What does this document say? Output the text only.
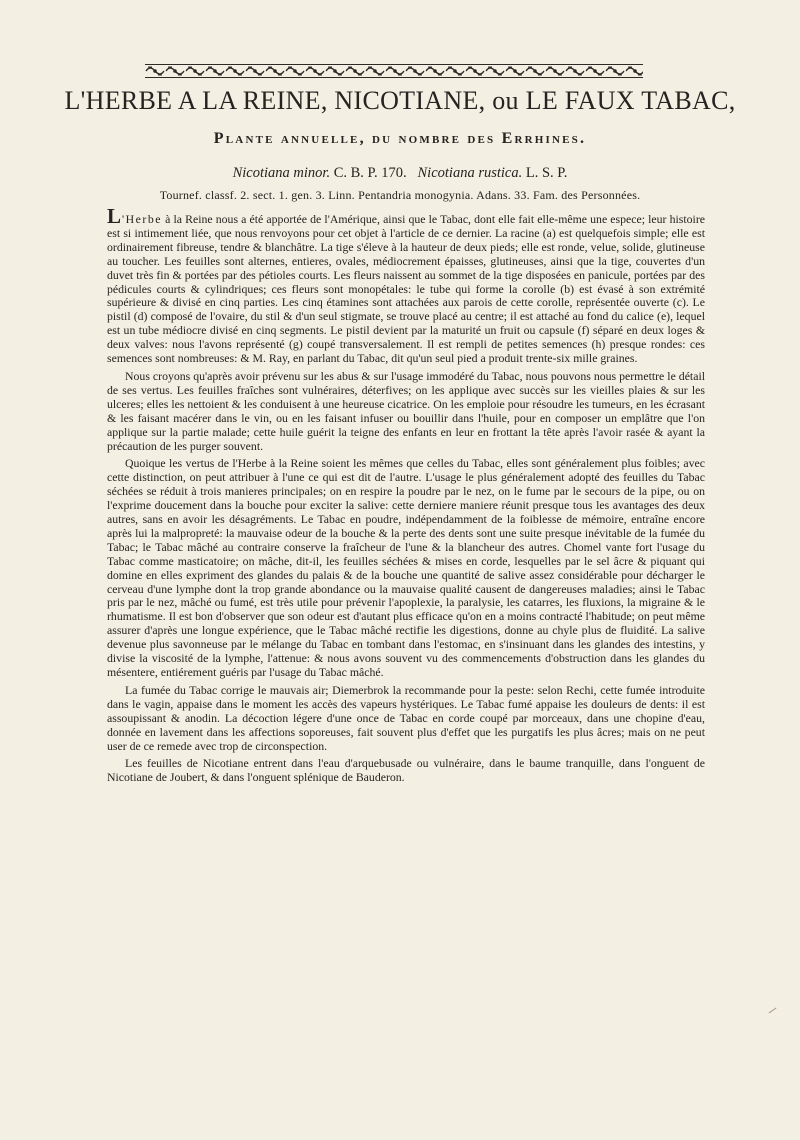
L'HERBE A LA REINE, NICOTIANE, ou LE FAUX TABAC,
Plante annuelle, du nombre des Errhines.
Nicotiana minor. C. B. P. 170. Nicotiana rustica. L. S. P.
Tournef. classf. 2. sect. 1. gen. 3. Linn. Pentandria monogynia. Adans. 33. Fam. des Personnées.

L'Herbe à la Reine nous a été apportée de l'Amérique, ainsi que le Tabac, dont elle fait elle-même une espece; leur histoire est si intimement liée, que nous renvoyons pour cet objet à l'article de ce dernier. La racine (a) est quelquefois simple; elle est ordinairement fibreuse, tendre & blanchâtre. La tige s'éleve à la hauteur de deux pieds; elle est ronde, velue, solide, glutineuse au toucher. Les feuilles sont alternes, entieres, ovales, médiocrement épaisses, glutineuses, ainsi que la tige, couvertes d'un duvet très fin & portées par des pétioles courts. Les fleurs naissent au sommet de la tige disposées en panicule, portées par des pédicules courts & cylindriques; ces fleurs sont monopétales: le tube qui forme la corolle (b) est évasé à son extrémité supérieure & divisé en cinq parties. Les cinq étamines sont attachées aux parois de cette corolle, représentée ouverte (c). Le pistil (d) composé de l'ovaire, du stil & d'un seul stigmate, se trouve placé au centre; il est attaché au fond du calice (e), lequel est un tube médiocre divisé en cinq segments. Le pistil devient par la maturité un fruit ou capsule (f) séparé en deux loges & deux valves: nous l'avons représenté (g) coupé transversalement. Il est rempli de petites semences (h) presque rondes: ces semences sont nombreuses: & M. Ray, en parlant du Tabac, dit qu'un seul pied a produit trente-six mille graines.

Nous croyons qu'après avoir prévenu sur les abus & sur l'usage immodéré du Tabac, nous pouvons nous permettre le détail de ses vertus. Les feuilles fraîches sont vulnéraires, déterfives; on les applique avec succès sur les vieilles plaies & sur les ulceres; elles les nettoient & les conduisent à une heureuse cicatrice. On les emploie pour résoudre les tumeurs, en les écrasant & les faisant macérer dans le vin, ou en les faisant infuser ou bouillir dans l'huile, pour en composer un emplâtre que l'on applique sur la partie malade; cette huile guérit la teigne des enfants en leur en frottant la tête après l'avoir rasée & ayant la précaution de les purger souvent.

Quoique les vertus de l'Herbe à la Reine soient les mêmes que celles du Tabac, elles sont généralement plus foibles; avec cette distinction, on peut attribuer à l'une ce qui est dit de l'autre. L'usage le plus généralement adopté des feuilles du Tabac séchées se réduit à trois manieres principales; on en respire la poudre par le nez, on le fume par le secours de la pipe, ou on l'exprime doucement dans la bouche pour exciter la salive: cette derniere maniere réunit presque tous les avantages des deux autres, sans en avoir les désagréments. Le Tabac en poudre, indépendamment de la foiblesse de mémoire, entraîne encore après lui la malpropreté: la mauvaise odeur de la bouche & la perte des dents sont une suite presque inévitable de la fumée du Tabac; le Tabac mâché au contraire conserve la fraîcheur de l'une & la blancheur des autres. Chomel vante fort l'usage du Tabac comme masticatoire; on mâche, dit-il, les feuilles séchées & mises en corde, lesquelles par le sel âcre & piquant qui domine en elles expriment des glandes du palais & de la bouche une quantité de salive assez considérable pour décharger le cerveau d'une lymphe dont la trop grande abondance ou la mauvaise qualité causent de dangereuses maladies; ainsi le Tabac pris par le nez, mâché ou fumé, est très utile pour prévenir l'apoplexie, la paralysie, les catarres, les fluxions, la migraine & le rhumatisme. Il est bon d'observer que son odeur est d'autant plus efficace qu'on en a moins contracté l'habitude; on peut même assurer d'après une longue expérience, que le Tabac mâché rectifie les digestions, donne au chyle plus de fluidité. La salive devenue plus savonneuse par le mélange du Tabac en tombant dans l'estomac, en s'insinuant dans les glandes des intestins, y divise la viscosité de la lymphe, l'attenue: & nous avons souvent vu des commencements d'obstruction dans les glandes du mésentere, entiérement guéris par l'usage du Tabac mâché.

La fumée du Tabac corrige le mauvais air; Diemerbrok la recommande pour la peste: selon Rechi, cette fumée introduite dans le vagin, appaise dans le moment les accès des vapeurs hystériques. Le Tabac fumé appaise les douleurs de dents: il est assoupissant & anodin. La décoction légere d'une once de Tabac en corde coupé par morceaux, dans une chopine d'eau, donnée en lavement dans les affections soporeuses, fait souvent plus d'effet que les purgatifs les plus âcres; mais on ne peut user de ce remede avec trop de circonspection.

Les feuilles de Nicotiane entrent dans l'eau d'arquebusade ou vulnéraire, dans le baume tranquille, dans l'onguent de Nicotiane de Joubert, & dans l'onguent splénique de Bauderon.
